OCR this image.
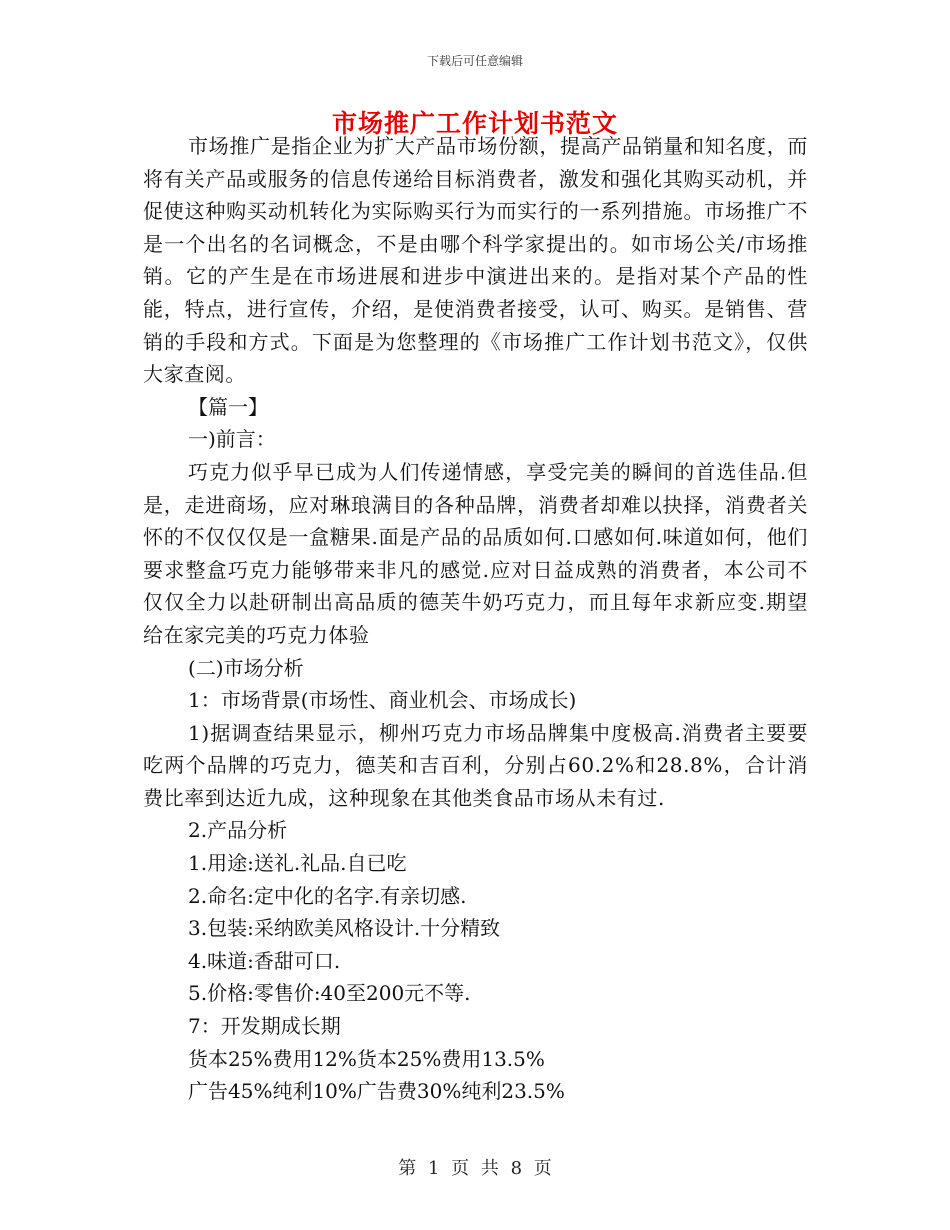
下载后可任意编辑
市场推广工作计划书范文

市场推广是指企业为扩大产品市场份额，提高产品销量和知名度，而将有关产品或服务的信息传递给目标消费者，激发和强化其购买动机，并促使这种购买动机转化为实际购买行为而实行的一系列措施。市场推广不是一个出名的名词概念，不是由哪个科学家提出的。如市场公关/市场推销。它的产生是在市场进展和进步中演进出来的。是指对某个产品的性能，特点，进行宣传，介绍，是使消费者接受，认可、购买。是销售、营销的手段和方式。下面是为您整理的《市场推广工作计划书范文》，仅供大家查阅。

【篇一】

一)前言：

巧克力似乎早已成为人们传递情感，享受完美的瞬间的首选佳品.但是，走进商场，应对琳琅满目的各种品牌，消费者却难以抉择，消费者关怀的不仅仅仅是一盒糖果.面是产品的品质如何.口感如何.味道如何，他们要求整盒巧克力能够带来非凡的感觉.应对日益成熟的消费者，本公司不仅仅全力以赴研制出高品质的德芙牛奶巧克力，而且每年求新应变.期望给在家完美的巧克力体验

(二)市场分析

1：市场背景(市场性、商业机会、市场成长)

1)据调查结果显示，柳州巧克力市场品牌集中度极高.消费者主要要吃两个品牌的巧克力，德芙和吉百利，分别占60.2%和28.8%，合计消费比率到达近九成，这种现象在其他类食品市场从未有过.

2.产品分析

1.用途:送礼.礼品.自已吃

2.命名:定中化的名字.有亲切感.

3.包装:采纳欧美风格设计.十分精致

4.味道:香甜可口.

5.价格:零售价:40至200元不等.

7：开发期成长期

货本25%费用12%货本25%费用13.5%

广告45%纯利10%广告费30%纯利23.5%

第 1 页 共 8 页
